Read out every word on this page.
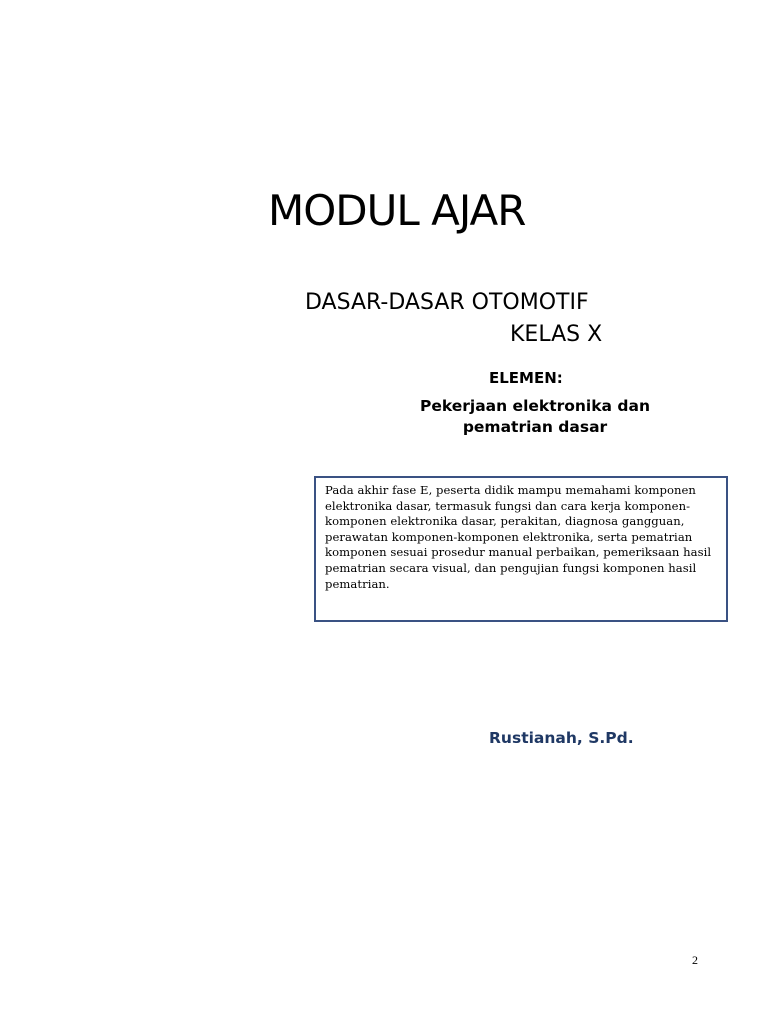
MODUL AJAR
DASAR-DASAR OTOMOTIF
KELAS X
ELEMEN:
Pekerjaan elektronika dan pematrian dasar

Pada akhir fase E, peserta didik mampu memahami komponen elektronika dasar, termasuk fungsi dan cara kerja komponen-komponen elektronika dasar, perakitan, diagnosa gangguan, perawatan komponen-komponen elektronika, serta pematrian komponen sesuai prosedur manual perbaikan, pemeriksaan hasil pematrian secara visual, dan pengujian fungsi komponen hasil pematrian.

Rustianah, S.Pd.
2
